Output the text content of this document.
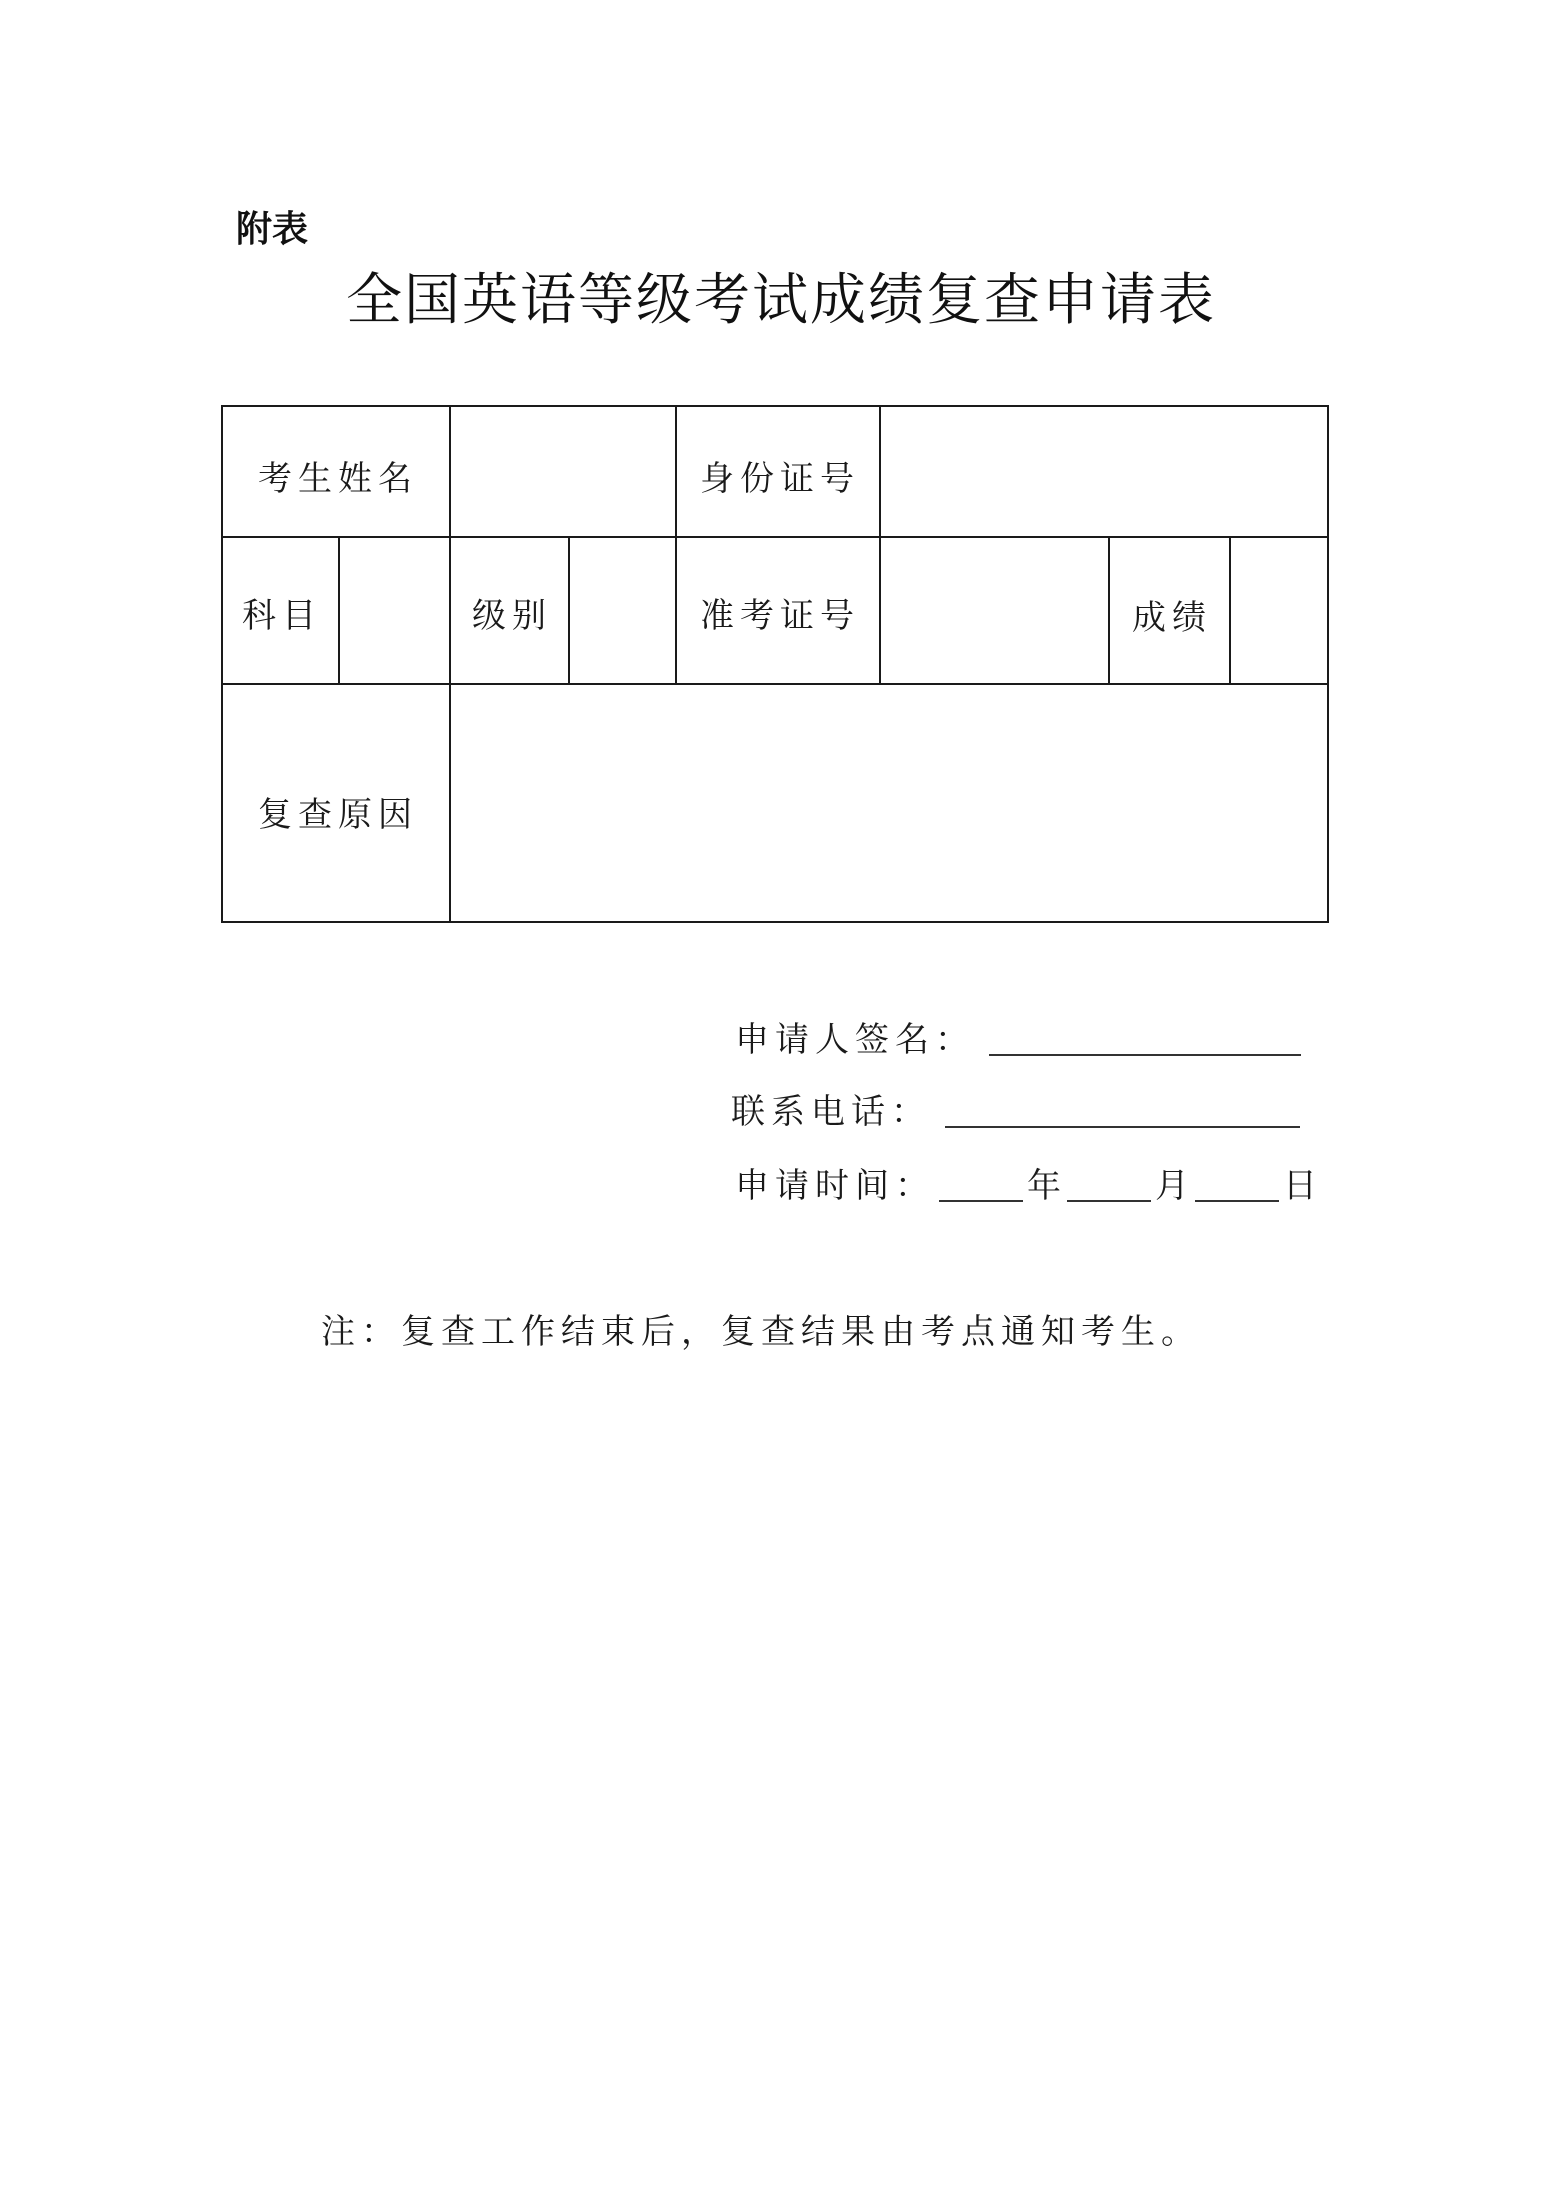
附表
全国英语等级考试成绩复查申请表
考生姓名	身份证号
科目	级别	准考证号	成绩
复查原因
申请人签名：
联系电话：
申请时间：	年	月	日
注：复查工作结束后，复查结果由考点通知考生。
